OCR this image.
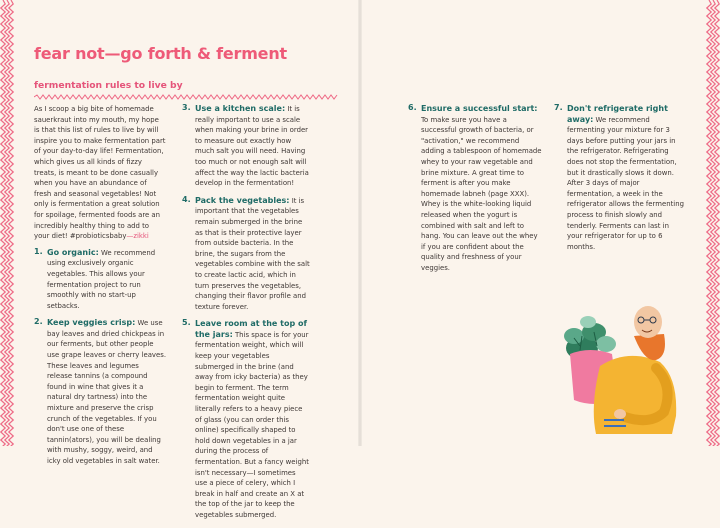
fear not—go forth & ferment
fermentation rules to live by

As I scoop a big bite of homemade sauerkraut into my mouth, my hope is that this list of rules to live by will inspire you to make fermentation part of your day-to-day life! Fermentation, which gives us all kinds of fizzy treats, is meant to be done casually when you have an abundance of fresh and seasonal vegetables! Not only is fermentation a great solution for spoilage, fermented foods are an incredibly healthy thing to add to your diet! #probioticsbaby—zikki

1. Go organic: We recommend using exclusively organic vegetables. This allows your fermentation project to run smoothly with no start-up setbacks.
2. Keep veggies crisp: We use bay leaves and dried chickpeas in our ferments, but other people use grape leaves or cherry leaves. These leaves and legumes release tannins (a compound found in wine that gives it a natural dry tartness) into the mixture and preserve the crisp crunch of the vegetables. If you don't use one of these tannin(ators), you will be dealing with mushy, soggy, weird, and icky old vegetables in salt water.
3. Use a kitchen scale: It is really important to use a scale when making your brine in order to measure out exactly how much salt you will need. Having too much or not enough salt will affect the way the lactic bacteria develop in the fermentation!
4. Pack the vegetables: It is important that the vegetables remain submerged in the brine as that is their protective layer from outside bacteria. In the brine, the sugars from the vegetables combine with the salt to create lactic acid, which in turn preserves the vegetables, changing their flavor profile and texture forever.
5. Leave room at the top of the jars: This space is for your fermentation weight, which will keep your vegetables submerged in the brine (and away from icky bacteria) as they begin to ferment. The term fermentation weight quite literally refers to a heavy piece of glass (you can order this online) specifically shaped to hold down vegetables in a jar during the process of fermentation. But a fancy weight isn't necessary—I sometimes use a piece of celery, which I break in half and create an X at the top of the jar to keep the vegetables submerged.
6. Ensure a successful start: To make sure you have a successful growth of bacteria, or "activation," we recommend adding a tablespoon of homemade whey to your raw vegetable and brine mixture. A great time to ferment is after you make homemade labneh (page XXX). Whey is the white-looking liquid released when the yogurt is combined with salt and left to hang. You can leave out the whey if you are confident about the quality and freshness of your veggies.
7. Don't refrigerate right away: We recommend fermenting your mixture for 3 days before putting your jars in the refrigerator. Refrigerating does not stop the fermentation, but it drastically slows it down. After 3 days of major fermentation, a week in the refrigerator allows the fermenting process to finish slowly and tenderly. Ferments can last in your refrigerator for up to 6 months.
